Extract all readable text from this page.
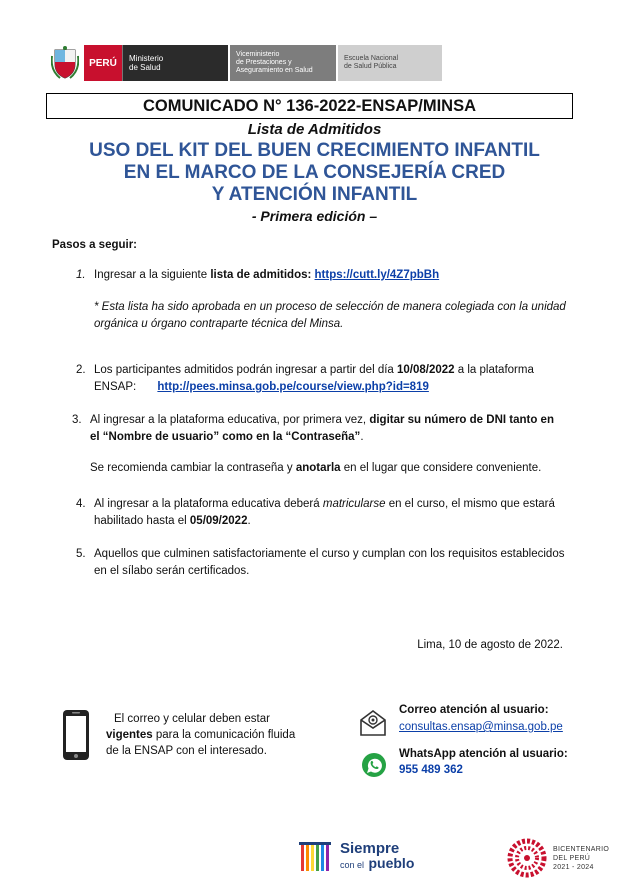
PERÚ	Ministerio
de Salud
Viceministerio
de Prestaciones y
Aseguramiento en Salud
Escuela Nacional
de Salud Pública
COMUNICADO N° 136-2022-ENSAP/MINSA
Lista de Admitidos
USO DEL KIT DEL BUEN CRECIMIENTO INFANTIL
EN EL MARCO DE LA CONSEJERÍA CRED
Y ATENCIÓN INFANTIL
- Primera edición –
Pasos a seguir:
1. Ingresar a la siguiente lista de admitidos: https://cutt.ly/4Z7pbBh
* Esta lista ha sido aprobada en un proceso de selección de manera colegiada con la unidad
orgánica u órgano contraparte técnica del Minsa.
2. Los participantes admitidos podrán ingresar a partir del día 10/08/2022 a la plataforma
ENSAP: http://pees.minsa.gob.pe/course/view.php?id=819
3. Al ingresar a la plataforma educativa, por primera vez, digitar su número de DNI tanto en
el “Nombre de usuario” como en la “Contraseña”.
Se recomienda cambiar la contraseña y anotarla en el lugar que considere conveniente.
4. Al ingresar a la plataforma educativa deberá matricularse en el curso, el mismo que estará
habilitado hasta el 05/09/2022.
5. Aquellos que culminen satisfactoriamente el curso y cumplan con los requisitos establecidos
en el sílabo serán certificados.
Lima, 10 de agosto de 2022.
El correo y celular deben estar
vigentes para la comunicación fluida
de la ENSAP con el interesado.
Correo atención al usuario:
consultas.ensap@minsa.gob.pe
WhatsApp atención al usuario:
955 489 362
Siempre
con el pueblo
BICENTENARIO
DEL PERÚ
2021 - 2024
